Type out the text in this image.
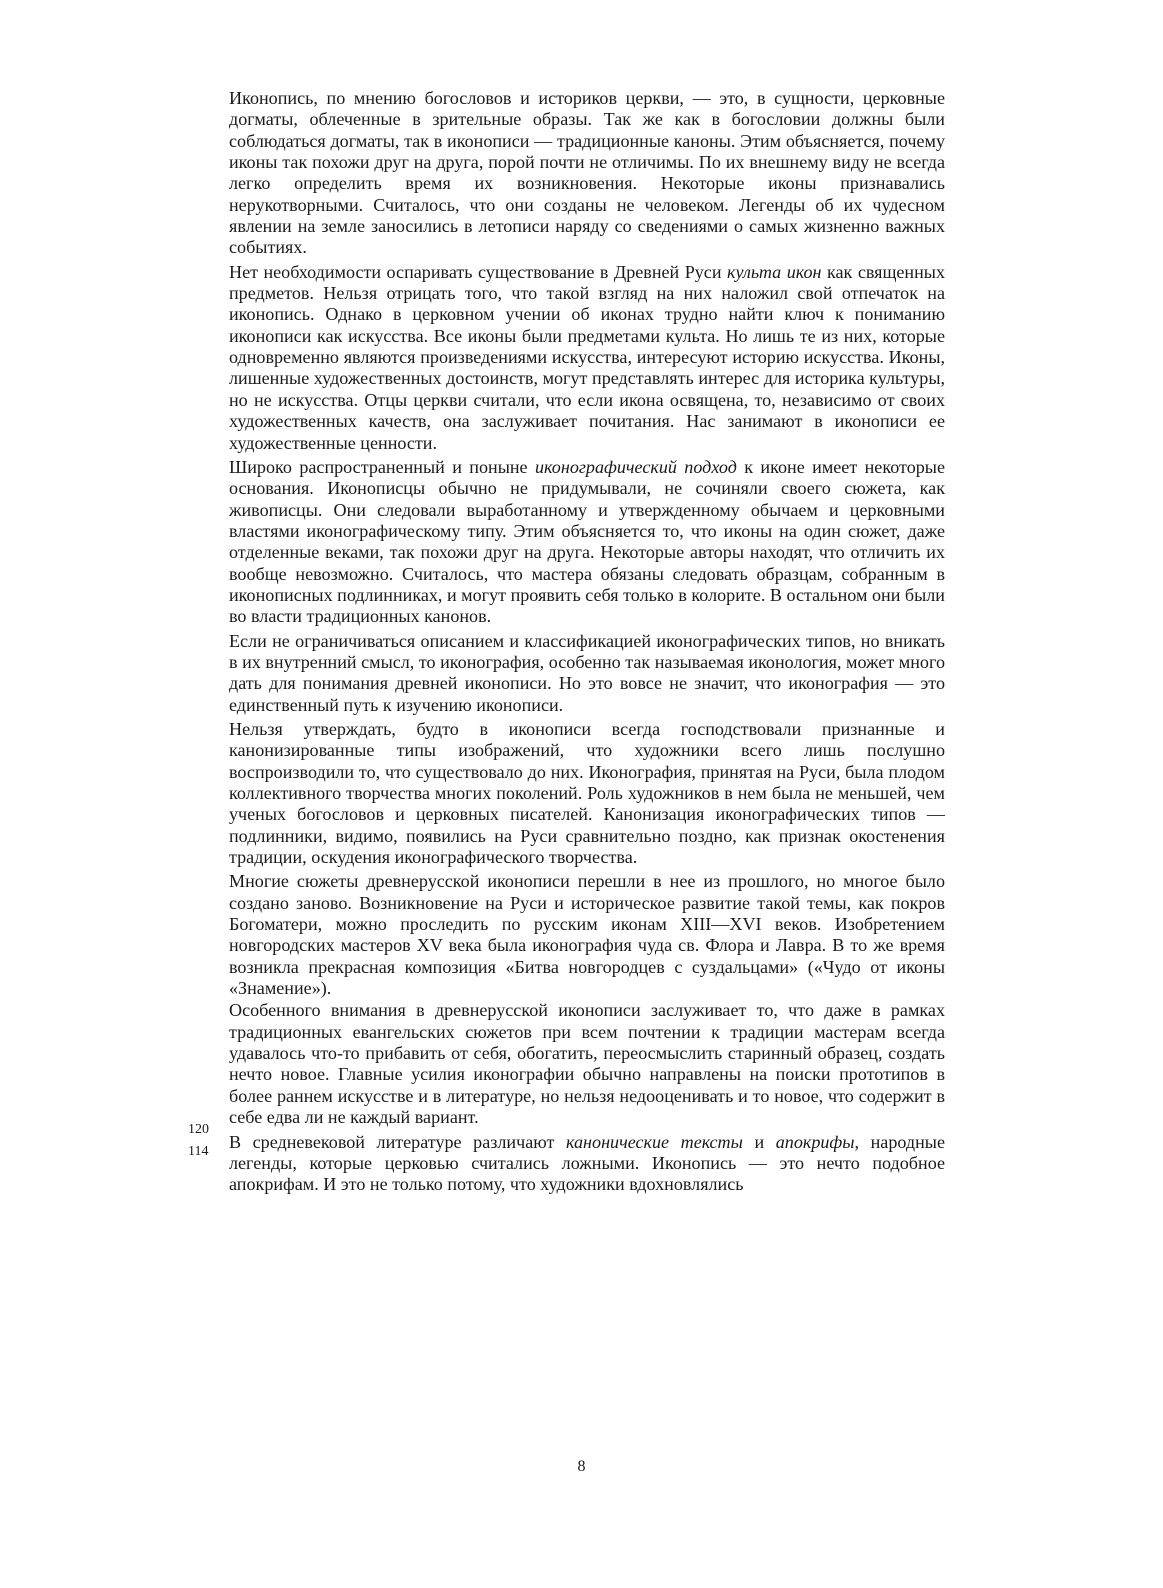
Иконопись, по мнению богословов и историков церкви, — это, в сущности, церковные догматы, облеченные в зрительные образы. Так же как в богословии должны были соблюдаться догматы, так в иконописи — традиционные каноны. Этим объясняется, почему иконы так похожи друг на друга, порой почти не отличимы. По их внешнему виду не всегда легко определить время их возникновения. Некоторые иконы признавались нерукотворными. Считалось, что они созданы не человеком. Легенды об их чудесном явлении на земле заносились в летописи наряду со сведениями о самых жизненно важных событиях.

Нет необходимости оспаривать существование в Древней Руси культа икон как священных предметов. Нельзя отрицать того, что такой взгляд на них наложил свой отпечаток на иконопись. Однако в церковном учении об иконах трудно найти ключ к пониманию иконописи как искусства. Все иконы были предметами культа. Но лишь те из них, которые одновременно являются произведениями искусства, интересуют историю искусства. Иконы, лишенные художественных достоинств, могут представлять интерес для историка культуры, но не искусства. Отцы церкви считали, что если икона освящена, то, независимо от своих художественных качеств, она заслуживает почитания. Нас занимают в иконописи ее художественные ценности.

Широко распространенный и поныне иконографический подход к иконе имеет некоторые основания. Иконописцы обычно не придумывали, не сочиняли своего сюжета, как живописцы. Они следовали выработанному и утвержденному обычаем и церковными властями иконографическому типу. Этим объясняется то, что иконы на один сюжет, даже отделенные веками, так похожи друг на друга. Некоторые авторы находят, что отличить их вообще невозможно. Считалось, что мастера обязаны следовать образцам, собранным в иконописных подлинниках, и могут проявить себя только в колорите. В остальном они были во власти традиционных канонов.

Если не ограничиваться описанием и классификацией иконографических типов, но вникать в их внутренний смысл, то иконография, особенно так называемая иконология, может много дать для понимания древней иконописи. Но это вовсе не значит, что иконография — это единственный путь к изучению иконописи.

Нельзя утверждать, будто в иконописи всегда господствовали признанные и канонизированные типы изображений, что художники всего лишь послушно воспроизводили то, что существовало до них. Иконография, принятая на Руси, была плодом коллективного творчества многих поколений. Роль художников в нем была не меньшей, чем ученых богословов и церковных писателей. Канонизация иконографических типов — подлинники, видимо, появились на Руси сравнительно поздно, как признак окостенения традиции, оскудения иконографического творчества.

Многие сюжеты древнерусской иконописи перешли в нее из прошлого, но многое было создано заново. Возникновение на Руси и историческое развитие такой темы, как покров Богоматери, можно проследить по русским иконам XIII—XVI веков. Изобретением новгородских мастеров XV века была иконография чуда св. Флора и Лавра. В то же время возникла прекрасная композиция «Битва новгородцев с суздальцами» («Чудо от иконы «Знамение»).

Особенного внимания в древнерусской иконописи заслуживает то, что даже в рамках традиционных евангельских сюжетов при всем почтении к традиции мастерам всегда удавалось что-то прибавить от себя, обогатить, переосмыслить старинный образец, создать нечто новое. Главные усилия иконографии обычно направлены на поиски прототипов в более раннем искусстве и в литературе, но нельзя недооценивать и то новое, что содержит в себе едва ли не каждый вариант.

В средневековой литературе различают канонические тексты и апокрифы, народные легенды, которые церковью считались ложными. Иконопись — это нечто подобное апокрифам. И это не только потому, что художники вдохновлялись

120
114
8
